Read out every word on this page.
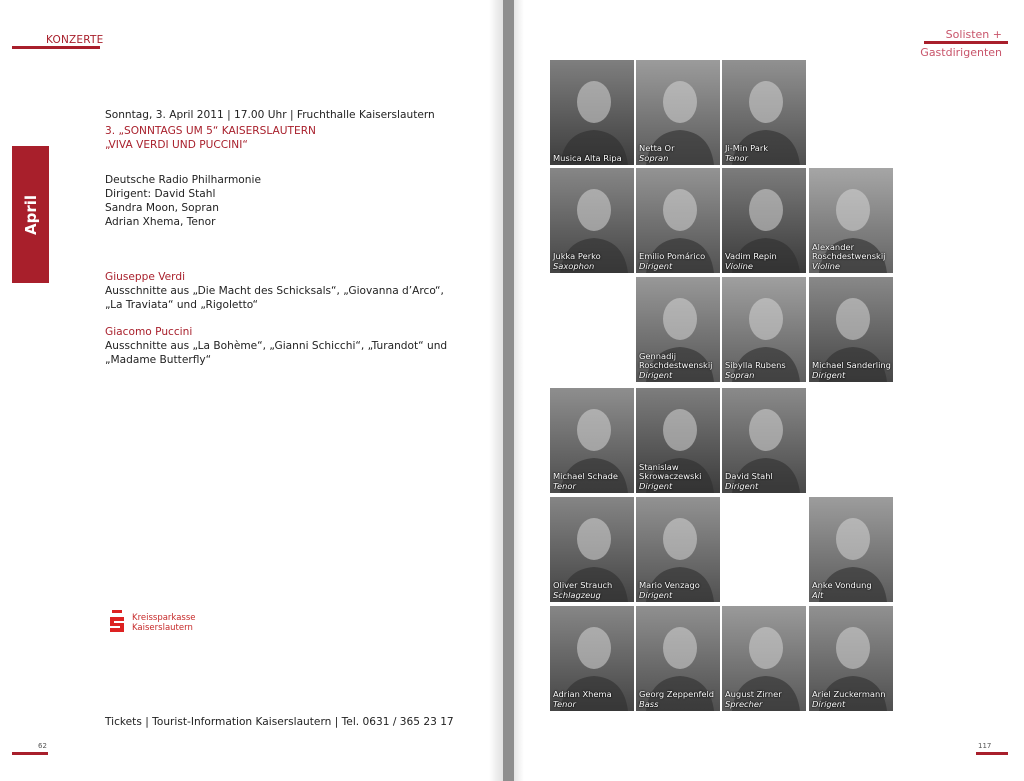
KONZERTE
April
Sonntag, 3. April 2011 | 17.00 Uhr | Fruchthalle Kaiserslautern
3. „SONNTAGS UM 5“ KAISERSLAUTERN
„VIVA VERDI UND PUCCINI“
Deutsche Radio Philharmonie
Dirigent: David Stahl
Sandra Moon, Sopran
Adrian Xhema, Tenor
Giuseppe Verdi
Ausschnitte aus „Die Macht des Schicksals“, „Giovanna d’Arco“,
„La Traviata“ und „Rigoletto“
Giacomo Puccini
Ausschnitte aus „La Bohème“, „Gianni Schicchi“, „Turandot“ und
„Madame Butterfly“
Kreissparkasse
Kaiserslautern
Tickets | Tourist-Information Kaiserslautern | Tel. 0631 / 365 23 17
62
Solisten +
Gastdirigenten
Musica Alta Ripa
Netta Or
Sopran
Ji-Min Park
Tenor
Jukka Perko
Saxophon
Emilio Pomárico
Dirigent
Vadim Repin
Violine
Alexander
Roschdestwenskij
Violine
Gennadij
Roschdestwenskij
Dirigent
Sibylla Rubens
Sopran
Michael Sanderling
Dirigent
Michael Schade
Tenor
Stanislaw
Skrowaczewski
Dirigent
David Stahl
Dirigent
Oliver Strauch
Schlagzeug
Mario Venzago
Dirigent
Anke Vondung
Alt
Adrian Xhema
Tenor
Georg Zeppenfeld
Bass
August Zirner
Sprecher
Ariel Zuckermann
Dirigent
117
